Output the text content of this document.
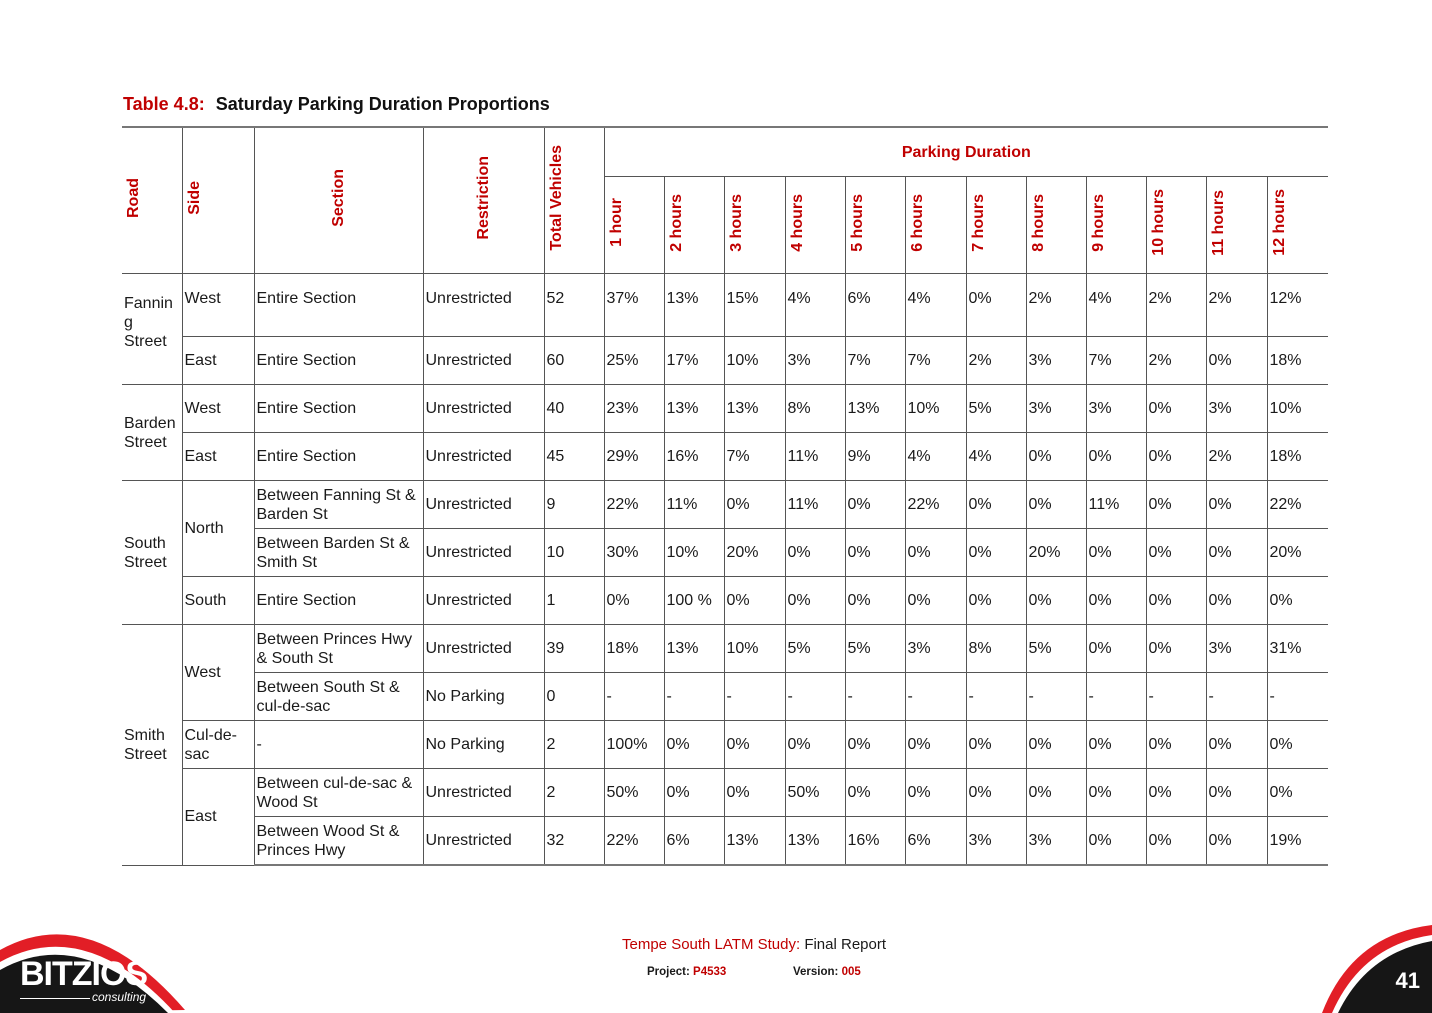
Table 4.8: Saturday Parking Duration Proportions
Road	Side	Section	Restriction	Total Vehicles	Parking Duration											
					1 hour	2 hours	3 hours	4 hours	5 hours	6 hours	7 hours	8 hours	9 hours	10 hours	11 hours	12 hours
Fannin g Street	West	Entire Section	Unrestricted	52	37%	13%	15%	4%	6%	4%	0%	2%	4%	2%	2%	12%
	East	Entire Section	Unrestricted	60	25%	17%	10%	3%	7%	7%	2%	3%	7%	2%	0%	18%
Barden Street	West	Entire Section	Unrestricted	40	23%	13%	13%	8%	13%	10%	5%	3%	3%	0%	3%	10%
	East	Entire Section	Unrestricted	45	29%	16%	7%	11%	9%	4%	4%	0%	0%	0%	2%	18%
South Street	North	Between Fanning St & Barden St	Unrestricted	9	22%	11%	0%	11%	0%	22%	0%	0%	11%	0%	0%	22%
		Between Barden St & Smith St	Unrestricted	10	30%	10%	20%	0%	0%	0%	0%	20%	0%	0%	0%	20%
	South	Entire Section	Unrestricted	1	0%	100 %	0%	0%	0%	0%	0%	0%	0%	0%	0%	0%
Smith Street	West	Between Princes Hwy & South St	Unrestricted	39	18%	13%	10%	5%	5%	3%	8%	5%	0%	0%	3%	31%
		Between South St & cul-de-sac	No Parking	0	-	-	-	-	-	-	-	-	-	-	-	-
	Cul-de-sac	-	No Parking	2	100%	0%	0%	0%	0%	0%	0%	0%	0%	0%	0%	0%
	East	Between cul-de-sac & Wood St	Unrestricted	2	50%	0%	0%	50%	0%	0%	0%	0%	0%	0%	0%	0%
		Between Wood St & Princes Hwy	Unrestricted	32	22%	6%	13%	13%	16%	6%	3%	3%	0%	0%	0%	19%
BITZIOS
consulting
Tempe South LATM Study: Final Report
Project: P4533	Version: 005	41
